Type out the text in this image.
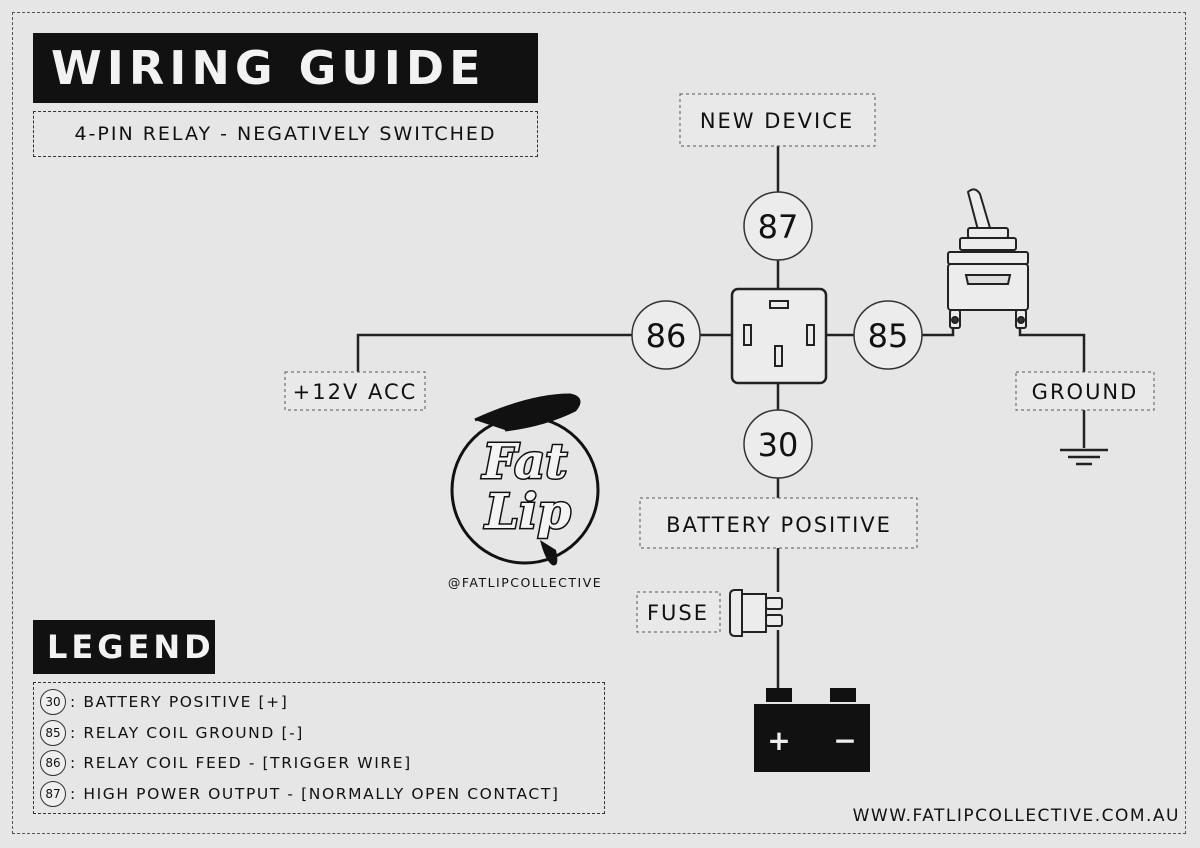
WIRING GUIDE
4-PIN RELAY - NEGATIVELY SWITCHED
87
86	85
30
NEW DEVICE
+12V ACC	GROUND
BATTERY POSITIVE
FUSE
+ −
Fat
Lip
@FATLIPCOLLECTIVE
LEGEND
30 : BATTERY POSITIVE [+]
85 : RELAY COIL GROUND [-]
86 : RELAY COIL FEED - [TRIGGER WIRE]
87 : HIGH POWER OUTPUT - [NORMALLY OPEN CONTACT]
WWW.FATLIPCOLLECTIVE.COM.AU
